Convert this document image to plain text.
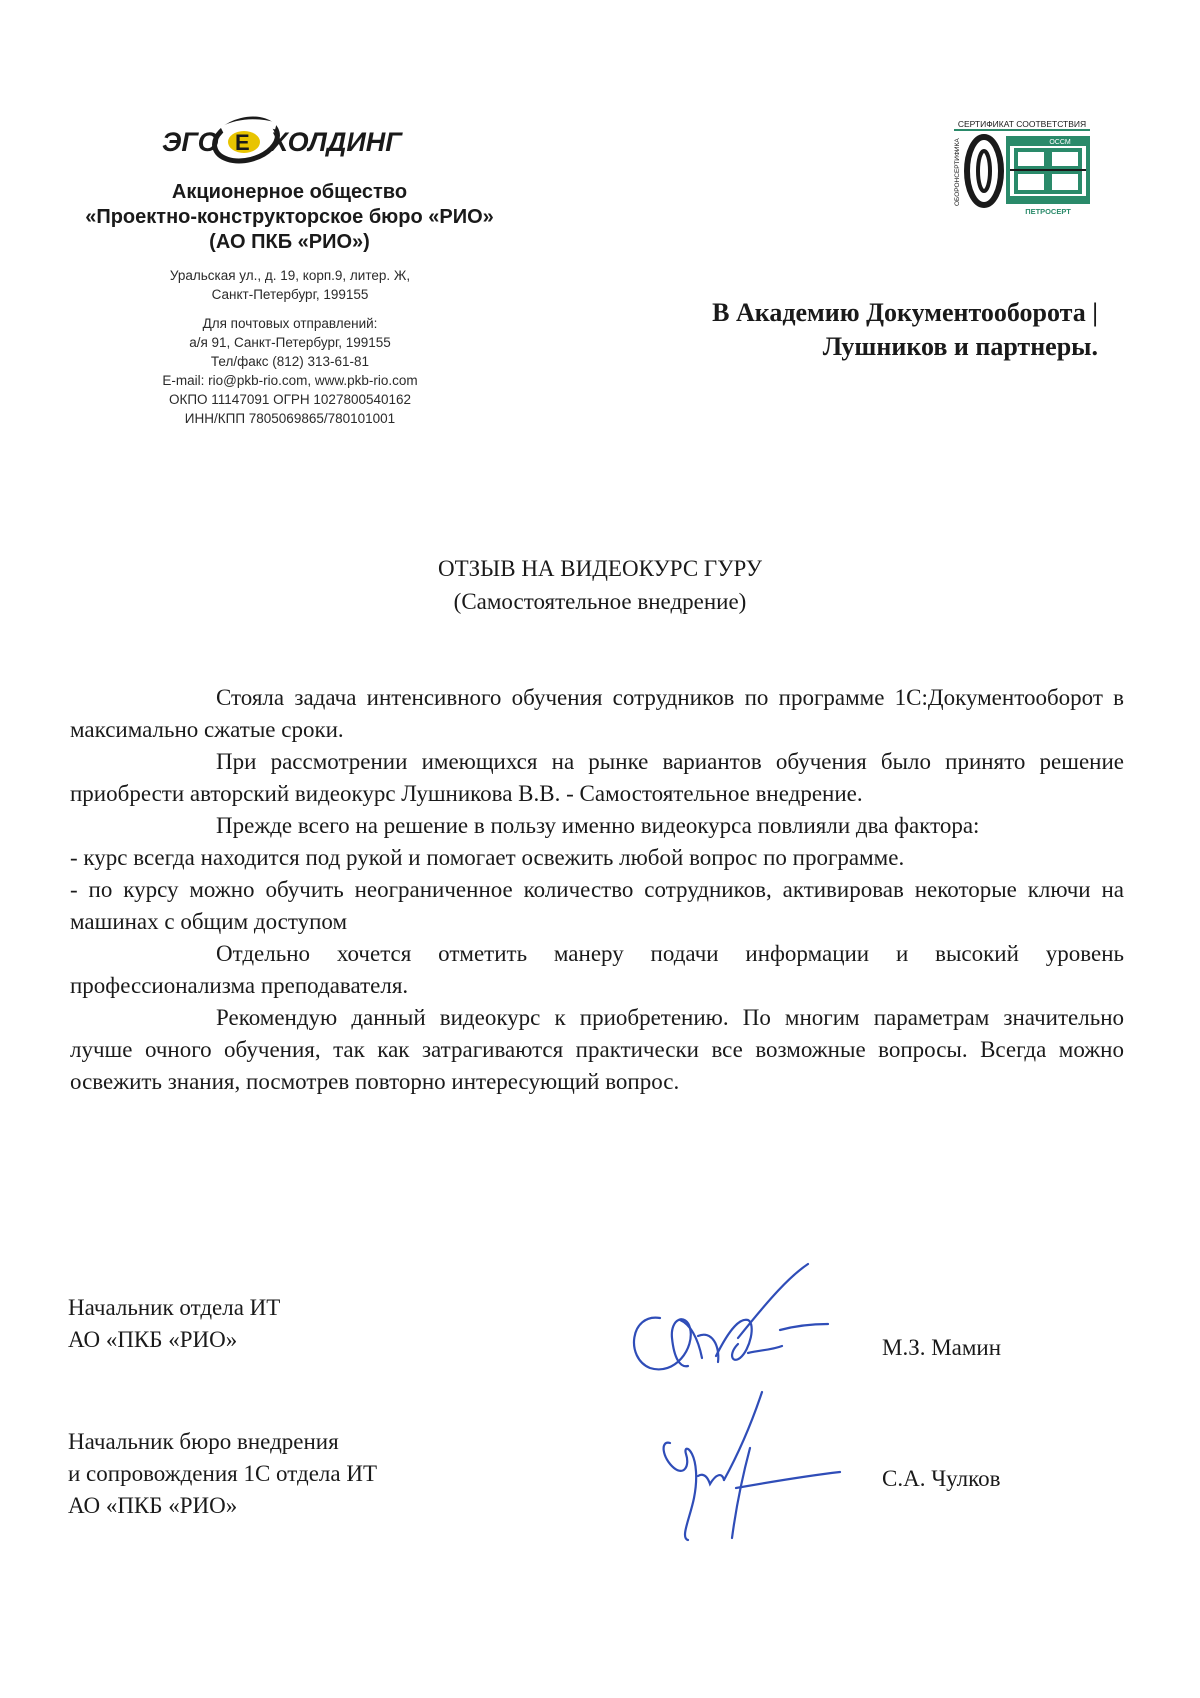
ЭГО E ХОЛДИНГ
Акционерное общество
«Проектно-конструкторское бюро «РИО»
(АО ПКБ «РИО»)
Уральская ул., д. 19, корп.9, литер. Ж,
Санкт-Петербург, 199155
Для почтовых отправлений:
а/я 91, Санкт-Петербург, 199155
Тел/факс (812) 313-61-81
E-mail: rio@pkb-rio.com, www.pkb-rio.com
ОКПО 11147091 ОГРН 1027800540162
ИНН/КПП 7805069865/780101001
СЕРТИФИКАТ СООТВЕТСТВИЯ
ОБОРОНСЕРТИФИКА	ОССМ
ПЕТРОСЕРТ
В Академию Документооборота |
Лушников и партнеры.
ОТЗЫВ НА ВИДЕОКУРС ГУРУ
(Самостоятельное внедрение)

Стояла задача интенсивного обучения сотрудников по программе 1С:Документооборот в максимально сжатые сроки.

При рассмотрении имеющихся на рынке вариантов обучения было принято решение приобрести авторский видеокурс Лушникова В.В. - Самостоятельное внедрение.

Прежде всего на решение в пользу именно видеокурса повлияли два фактора:

- курс всегда находится под рукой и помогает освежить любой вопрос по программе.

- по курсу можно обучить неограниченное количество сотрудников, активировав некоторые ключи на машинах с общим доступом

Отдельно хочется отметить манеру подачи информации и высокий уровень профессионализма преподавателя.

Рекомендую данный видеокурс к приобретению. По многим параметрам значительно лучше очного обучения, так как затрагиваются практически все возможные вопросы. Всегда можно освежить знания, посмотрев повторно интересующий вопрос.

Начальник отдела ИТ
АО «ПКБ «РИО»	М.З. Мамин
Начальник бюро внедрения
и сопровождения 1С отдела ИТ
АО «ПКБ «РИО»
С.А. Чулков
